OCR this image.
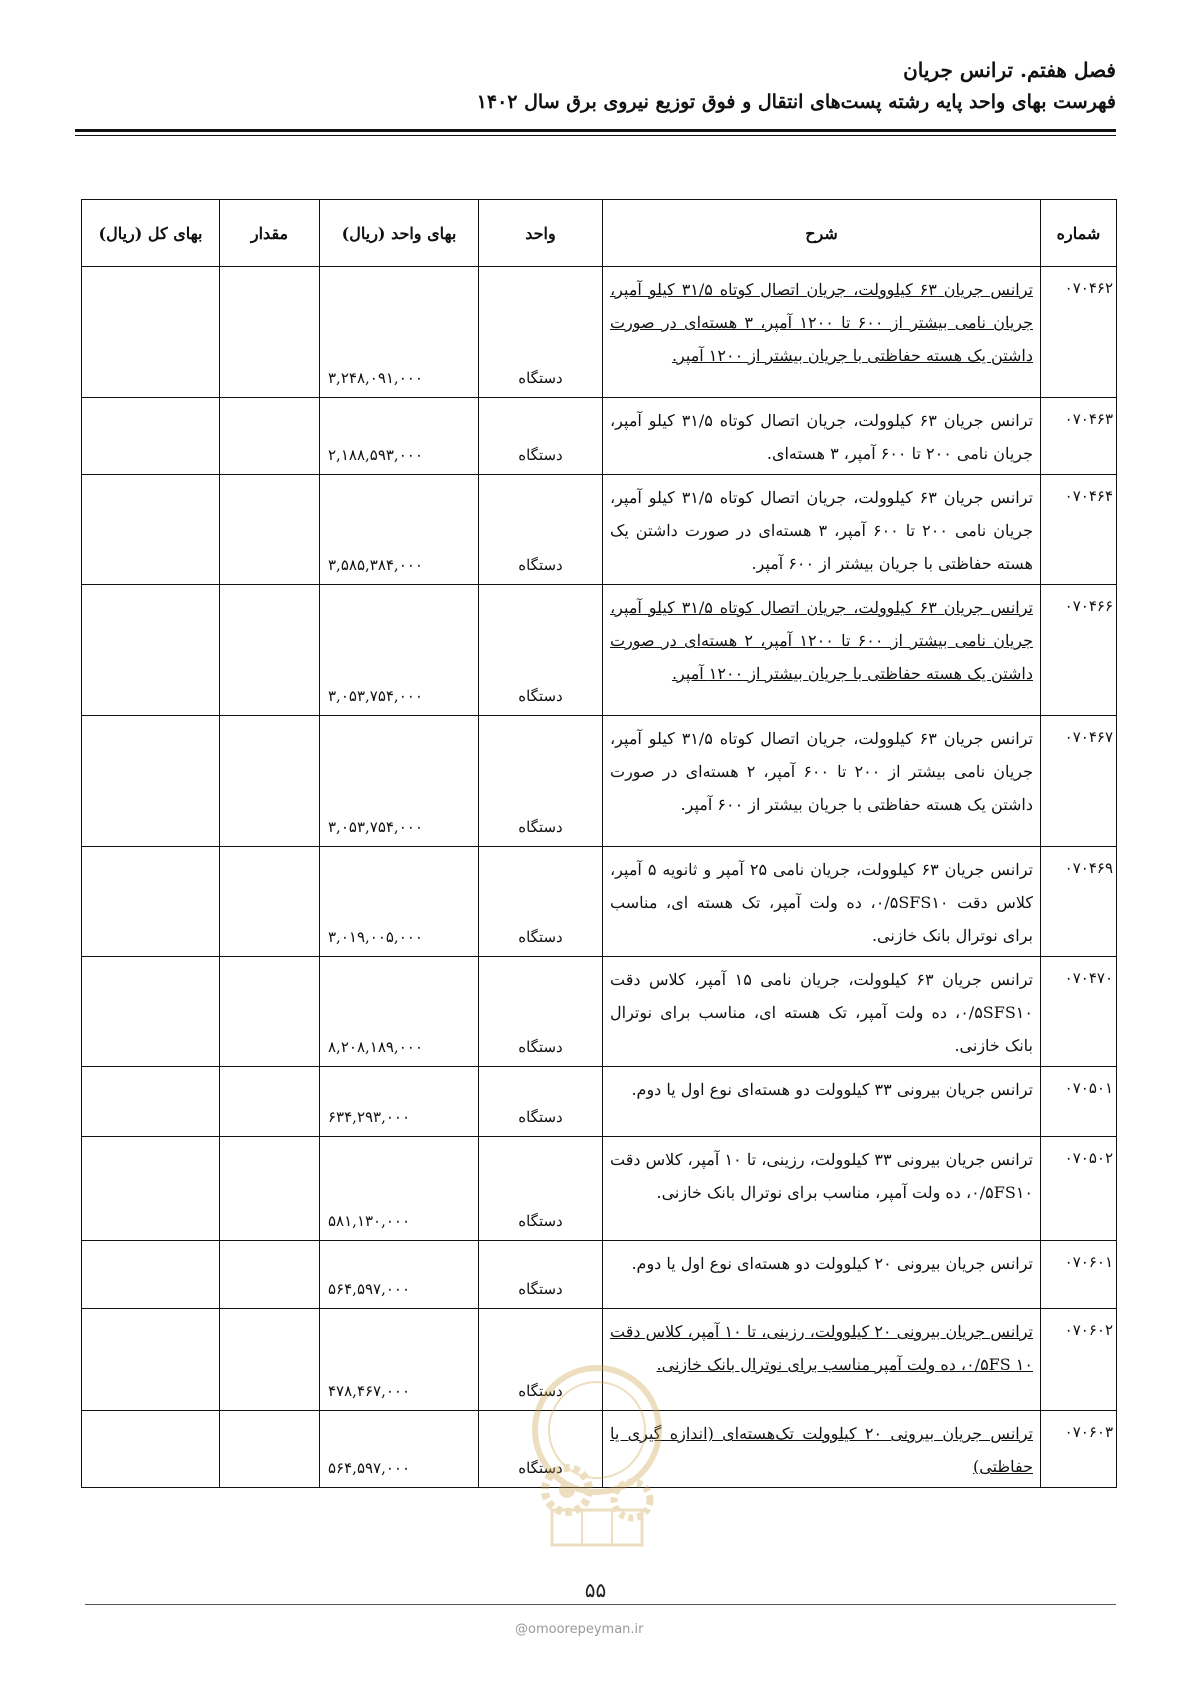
فصل هفتم. ترانس جریان
فهرست بهای واحد پایه رشته پست‌های انتقال و فوق توزیع نیروی برق سال ۱۴۰۲
شماره	شرح	واحد	بهای واحد (ریال)	مقدار	بهای کل (ریال)
۰۷۰۴۶۲	ترانس جریان ۶۳ کیلوولت، جریان اتصال کوتاه ۳۱/۵ کیلو آمپر، جریان نامی بیشتر از ۶۰۰ تا ۱۲۰۰ آمپر، ۳ هسته‌ای در صورت داشتن یک هسته حفاظتی با جریان بیشتر از ۱۲۰۰ آمپر.	دستگاه	۳,۲۴۸,۰۹۱,۰۰۰		
۰۷۰۴۶۳	ترانس جریان ۶۳ کیلوولت، جریان اتصال کوتاه ۳۱/۵ کیلو آمپر، جریان نامی ۲۰۰ تا ۶۰۰ آمپر، ۳ هسته‌ای.	دستگاه	۲,۱۸۸,۵۹۳,۰۰۰		
۰۷۰۴۶۴	ترانس جریان ۶۳ کیلوولت، جریان اتصال کوتاه ۳۱/۵ کیلو آمپر، جریان نامی ۲۰۰ تا ۶۰۰ آمپر، ۳ هسته‌ای در صورت داشتن یک هسته حفاظتی با جریان بیشتر از ۶۰۰ آمپر.	دستگاه	۳,۵۸۵,۳۸۴,۰۰۰		
۰۷۰۴۶۶	ترانس جریان ۶۳ کیلوولت، جریان اتصال کوتاه ۳۱/۵ کیلو آمپر، جریان نامی بیشتر از ۶۰۰ تا ۱۲۰۰ آمپر، ۲ هسته‌ای در صورت داشتن یک هسته حفاظتی با جریان بیشتر از ۱۲۰۰ آمپر.	دستگاه	۳,۰۵۳,۷۵۴,۰۰۰		
۰۷۰۴۶۷	ترانس جریان ۶۳ کیلوولت، جریان اتصال کوتاه ۳۱/۵ کیلو آمپر، جریان نامی بیشتر از ۲۰۰ تا ۶۰۰ آمپر، ۲ هسته‌ای در صورت داشتن یک هسته حفاظتی با جریان بیشتر از ۶۰۰ آمپر.	دستگاه	۳,۰۵۳,۷۵۴,۰۰۰		
۰۷۰۴۶۹	ترانس جریان ۶۳ کیلوولت، جریان نامی ۲۵ آمپر و ثانویه ۵ آمپر، کلاس دقت ۰/۵SFS۱۰، ده ولت آمپر، تک هسته ای، مناسب برای نوترال بانک خازنی.	دستگاه	۳,۰۱۹,۰۰۵,۰۰۰		
۰۷۰۴۷۰	ترانس جریان ۶۳ کیلوولت، جریان نامی ۱۵ آمپر، کلاس دقت ۰/۵SFS۱۰، ده ولت آمپر، تک هسته ای، مناسب برای نوترال بانک خازنی.	دستگاه	۸,۲۰۸,۱۸۹,۰۰۰		
۰۷۰۵۰۱	ترانس جریان بیرونی ۳۳ کیلوولت دو هسته‌ای نوع اول یا دوم.	دستگاه	۶۳۴,۲۹۳,۰۰۰		
۰۷۰۵۰۲	ترانس جریان بیرونی ۳۳ کیلوولت، رزینی، تا ۱۰ آمپر، کلاس دقت ۰/۵FS۱۰، ده ولت آمپر، مناسب برای نوترال بانک خازنی.	دستگاه	۵۸۱,۱۳۰,۰۰۰		
۰۷۰۶۰۱	ترانس جریان بیرونی ۲۰ کیلوولت دو هسته‌ای نوع اول یا دوم.	دستگاه	۵۶۴,۵۹۷,۰۰۰		
۰۷۰۶۰۲	ترانس جریان بیرونی ۲۰ کیلوولت، رزینی، تا ۱۰ آمپر، کلاس دقت ۰/۵FS ۱۰، ده ولت آمپر مناسب برای نوترال بانک خازنی.	دستگاه	۴۷۸,۴۶۷,۰۰۰		
۰۷۰۶۰۳	ترانس جریان بیرونی ۲۰ کیلوولت تک‌هسته‌ای (اندازه گیری یا حفاظتی)	دستگاه	۵۶۴,۵۹۷,۰۰۰		
۵۵
@omoorepeyman.ir
